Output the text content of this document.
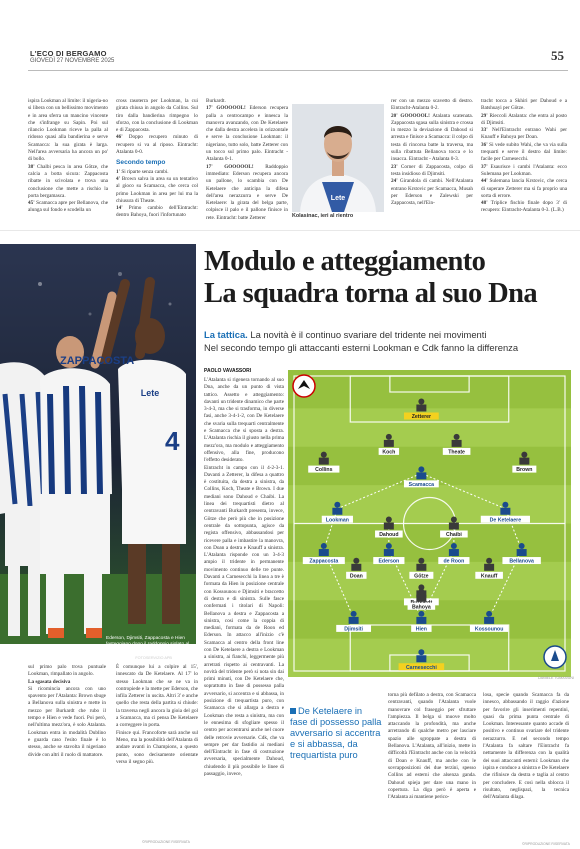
L'ECO DI BERGAMO
GIOVEDÌ 27 NOVEMBRE 2025	55

ispira Lookman al limite: il nigeria-no si libera con un bellissimo movimento e in area sferra un mancino vincente che s'infrange su Sapin. Poi sul rilancio Lookman riceve la palla al ridosso quasi alla bandierina e serve Scamacca: la sua girata è larga. Nell'area avversaria ha ancora un po' di bollo.

38' Chalbi pesca in area Götze, che calcia a botta sicura: Zappacosta ribatte in scivolata e trova una conclusione che mette a rischio la porta bergamasca.

45' Scamacca apre per Bellanova, che alunga sul fondo e scodella un

cross rasoterra per Lookman, la cui girata chiusa in angolo da Collins. Sul tiro dalla bandierina rimpegno lo sforzo, con la conclusione di Lookman e di Zappacosta.

46' Doppo recupero minuto di recupero si va al riposo. Eintracht: Atalanta 0-0.

Secondo tempo

1' Si riparte senza cambi.

4' Brown salva in area su un tentativo al gioco su Scamacca, che cerca col primo Lookman in area per lui ma la chiusura di Theate.

14' Primo cambio dell'Eintracht: dentro Bahoya, fuori l'infortunato

Burkardt.

17' GOOOOOL! Ederson recupera palla a centrocampo e innesca la manovra avanzando, con De Ketelaere che dalla destra accelera in orizzontale e serve la conclusione Lookman: il nigeriano, tutto solo, batte Zetterer con un tocco sul primo palo. Eintracht - Atalanta 0-1.

17' GOOOOOL! Raddoppio immediato: Ederson recupera ancora un pallone, lo scambia con De Ketelaere che anticipa la difesa dell'area nerazzurra e serve De Ketelaere: la girata del belga parte, colpisce il palo e il pallone finisce in rete. Eintracht: batte Zetterer

Lete
Kolasinac, ieri al rientro

rer con un mezzo scavetto di destro. Eintracht-Atalanta 0-2.

20' GOOOOOL! Atalanta scatenata. Zappacosta sgasa sulla sinistra e crossa in mezzo la deviazione di Dahoud si arresta e finisce a Scamacca: il colpo di testa di rincorsa batte la traversa, ma sulla ribattuta Bellanova tocca e lo insacca. Eintracht - Atalanta 0-3.

23' Corner di Zappacosta, colpo di testa insidioso di Djimsiti.

24' Girandola di cambi. Nell'Atalanta entrano Krstovic per Scamacca, Musah per Ederson e Zalewski per Zappacosta, nell'Ein-

tracht tocca a Skhiri per Dahoud e a Batshuayi per Götze.

29' Rieccoli Atalanta: che entra al posto di Djimsiti.

33' Nell'Eintracht entrano Wahi per Knauff e Bahoya per Doan.

36' Si vede subito Wahi, che va via sulla trequarti e serve il destro dal limite: facile per Carnesecchi.

37' Esaurisce i cambi l'Atalanta: ecco Sulemana per Lookman.

44' Sulemana lancia Krstovic, che cerca di superare Zetterer ma si fa proprio una sorta di errore.

48' Triplice fischio finale dopo 3' di recupero: Eintracht-Atalanta 0-3. (L.B.)

ZAPPACOSTA
4
Lete
Ederson, Djimsiti, Zappacosta e Hien festeggiano dopo il raddoppio siglato al 17' st dal brasiliano. È subito dopo arriverà il 3-0 FOTOSERVIZIO APB
Modulo e atteggiamento
La squadra torna al suo Dna
La tattica. La novità è il continuo svariare del tridente nei movimenti
Nel secondo tempo gli attaccanti esterni Lookman e Cdk fanno la differenza
PAOLO VAVASSORI

L'Atalanta si rigenera tornando al suo Dna, anche da un punto di vista tattico. Assetto e atteggiamento: davanti un tridente dinamico che parte 3-4-3, ma che si trasforma, in diverse fasi, anche 3-4-1-2, con De Ketelaere che svaria sulla trequarti centralmente e Scamacca che si sposta a destra. L'Atalanta rischia il giusto nella prima mezz'ora, ma modulo e atteggiamento offensivo, alla fine, producono l'effetto desiderato.

Eintracht in campo con il 4-2-3-1. Davanti a Zetterer, la difesa a quattro è costituita, da destra a sinistra, da Collins, Koch, Theate e Brown. I due mediani sono Dahoud e Chaibi. La linea dei trequartisti dietro al centravanti Burkardt presenta, invece, Götze che però più che in posizione centrale da sottopunta, agisce da regista offensivo, abbassandosi per ricevere palla e imbastire la manovra, con Doan a destra e Knauff a sinistra. L'Atalanta risponde con un 3-4-3 ampio il tridente in permanente movimento continuo delle tre punte. Davanti a Carnesecchi la linea a tre è formata da Hien in posizione centrale con Kossounou e Djimsiti e braccetto di destra e di sinistra. Sulle fasce confermati i titolari di Napoli: Bellanova a destra e Zappacosta a sinistra, così come la coppia di mediani, formata da de Roon ed Ederson. In attacco all'inizio c'è Scamacca al centro della front line con De Ketelaere a destra e Lookman a sinistra, ai fianchi, leggermente più arretrati rispetto ai centravanti. La novità del tridente però si nota sin dai primi minuti, con De Ketelaere che, soprattutto in fase di possesso palla avversario, si accentra e si abbassa, in posizione di trequartista puro, con Scamacca che si allarga a destra e Lookman che resta a sinistra, ma con le ennesima di sfogliare spesso il centro per accentrarsi anche nel cuore delle retrovie avversarie. Cdk, che va sempre per dar fastidio ai mediani dell'Eintracht in fase di costruzione avversaria, specialmente Dahoud, chiudendo il più possibile le linee di passaggio, invece,

Zetterer
Koch	Theate
Collins	Brown
Scamacca
Lookman	De Ketelaere
Dahoud	Chaibi
Zappacosta	Ederson	de Roon	Bellanova
Doan	Götze	Knauff
Bahoya
Djimsiti	Hien	Kossounou
Carnesecchi
DANIELE TOMASSINI
De Ketelaere in fase di possesso palla avversario si accentra e si abbassa, da trequartista puro
torna più defilato a destra, con Scamacca centravanti, quando l'Atalanta vuole manovrare col fraseggio per sfruttare l'ampiezza. Il belga si muove molto attaccando la profondità, ma anche arretrando di qualche metro per lasciare spazio alle sgroppate a destra di Bellanova. L'Atalanta, all'inizio, mette in difficoltà l'Eintracht anche con la velocità di Doan e Knauff, ma anche con le sovrapposizioni dei due terzini, spesso Collins ad esterni che alsenza ganda. Dahoud spieja per dare una mano in copertura. La diga però è aperta e l'Atalanta ai mantiene perico-
losa, specie quando Scamacca fa da innesco, abbassando il raggio d'azione per favorire gli inserimenti repentini, quasi da prima punta centrale di Lookman. Interessante quanto accade di positivo e continuo svariare del tridente nerazzurro. E nel secondo tempo l'Atalanta fa saltare l'Eintracht fa nettamente la differenza con la qualità dei suoi attaccanti esterni: Lookman che ispira e conduce a sinistra e De Ketelaere che rifinisce da destra e taglia al centro per concludere. E così nella sblocca il risultato, neglispazi, la tecnica dell'Atalanta dilaga.

sul primo palo trova puntuale Lookman, rimpallato in angolo.

La sgasata decisiva

Si ricomincia ancora con uno spavento per l'Atalanta: Brown sbuge a Bellanova sulla sinistra e mette in mezzo per Burkardt che rubo il tempo e Hien e vede fuori. Poi però, nell'ultima mezz'ora, è solo Atalanta. Lookman entra in modalità Dublino e guarda caso l'esito finale è lo stesso, anche se stavolta il nigeriano divide con altri il ruolo di mattatore.

È comunque lui a colpire al 15', innescato da De Ketelaere. Al 17' lo stesso Lookman che se ne va in contropiede e la mette per Ederson, che infila Zetterer in uscita. Altri 3' e anche quello che resta della partita si chiude: la traversa negli ancora la gioia del gol a Scamacca, ma ci pensa De Ketelaere a correggere in porta.

Finisce qui. Francoforte sarà anche sul Meno, ma la possibilità dell'Atalanta di andare avanti in Champions, a questo punto, sono decisamente orientate verso il segno più.

©RIPRODUZIONE RISERVATA	©RIPRODUZIONE RISERVATA
